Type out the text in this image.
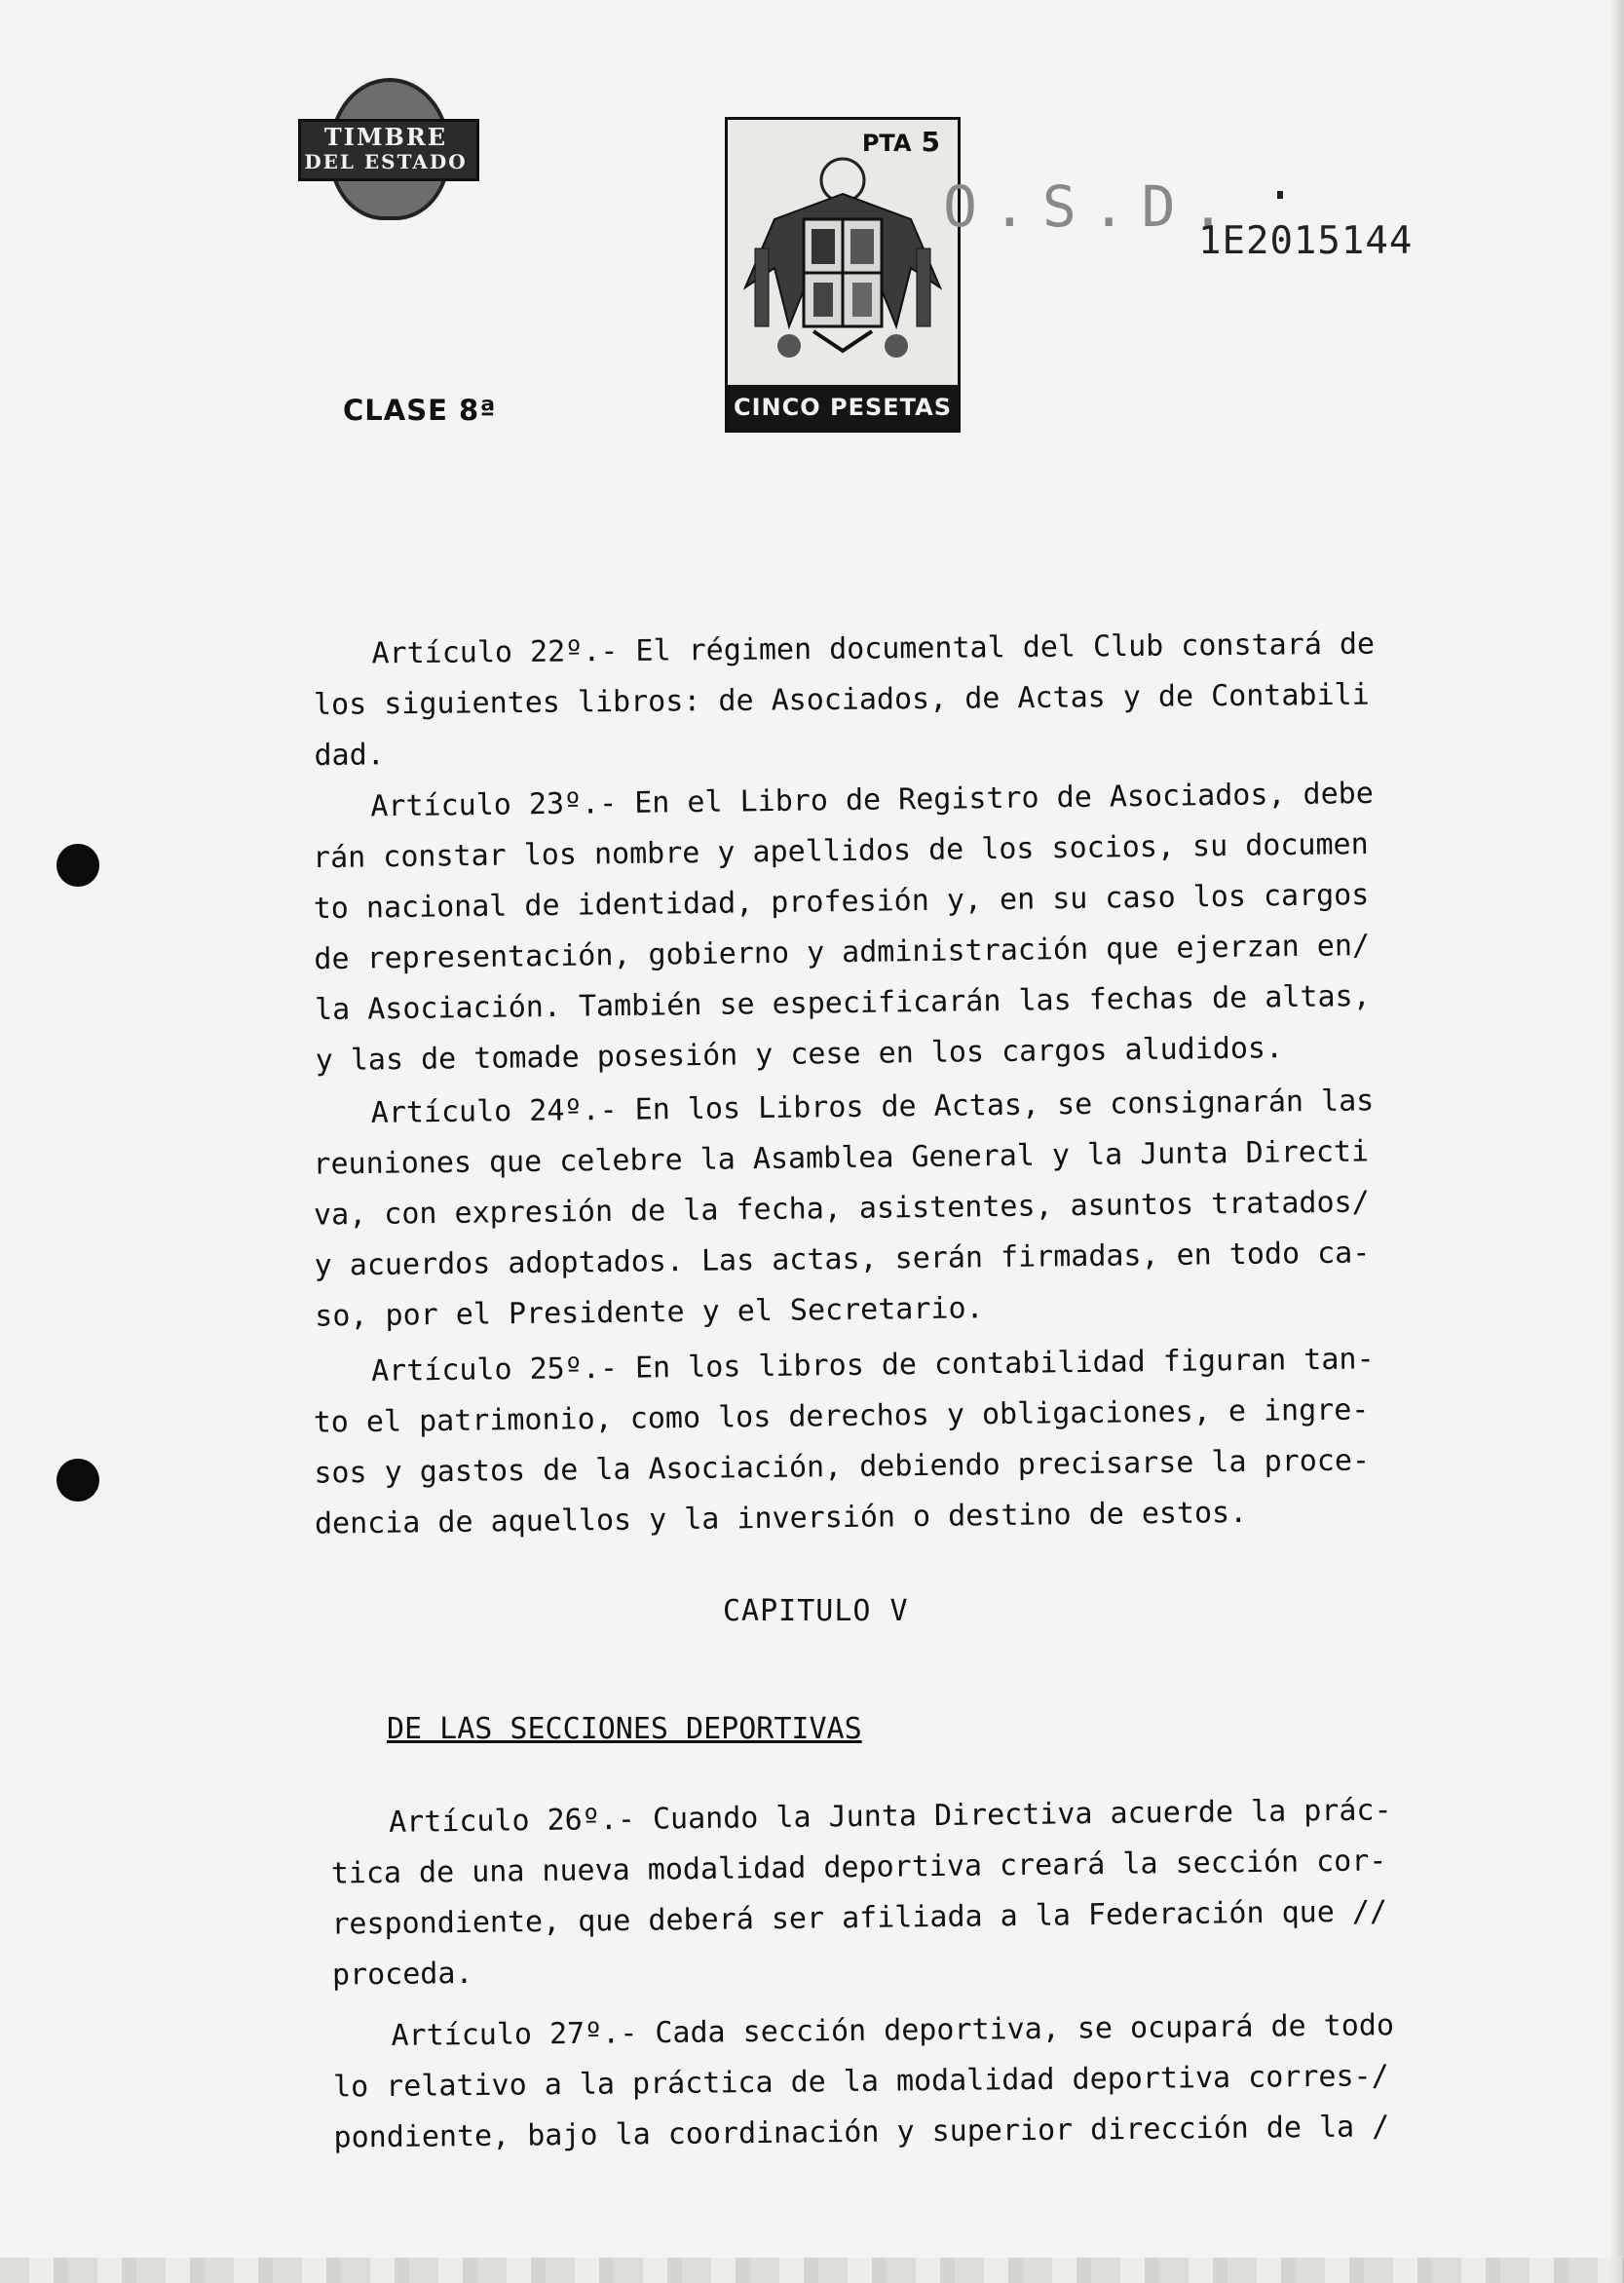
TIMBRE
DEL ESTADO
PTA 5
CINCO PESETAS
O.S.D.
1E2015144
CLASE 8ª
Artículo 22º.- El régimen documental del Club constará de
los siguientes libros: de Asociados, de Actas y de Contabili
dad.
Artículo 23º.- En el Libro de Registro de Asociados, debe
rán constar los nombre y apellidos de los socios, su documen
to nacional de identidad, profesión y, en su caso los cargos
de representación, gobierno y administración que ejerzan en/
la Asociación. También se especificarán las fechas de altas,
y las de tomade posesión y cese en los cargos aludidos.
Artículo 24º.- En los Libros de Actas, se consignarán las
reuniones que celebre la Asamblea General y la Junta Directi
va, con expresión de la fecha, asistentes, asuntos tratados/
y acuerdos adoptados. Las actas, serán firmadas, en todo ca-
so, por el Presidente y el Secretario.
Artículo 25º.- En los libros de contabilidad figuran tan-
to el patrimonio, como los derechos y obligaciones, e ingre-
sos y gastos de la Asociación, debiendo precisarse la proce-
dencia de aquellos y la inversión o destino de estos.
CAPITULO V
DE LAS SECCIONES DEPORTIVAS
Artículo 26º.- Cuando la Junta Directiva acuerde la prác-
tica de una nueva modalidad deportiva creará la sección cor-
respondiente, que deberá ser afiliada a la Federación que //
proceda.
Artículo 27º.- Cada sección deportiva, se ocupará de todo
lo relativo a la práctica de la modalidad deportiva corres-/
pondiente, bajo la coordinación y superior dirección de la /
